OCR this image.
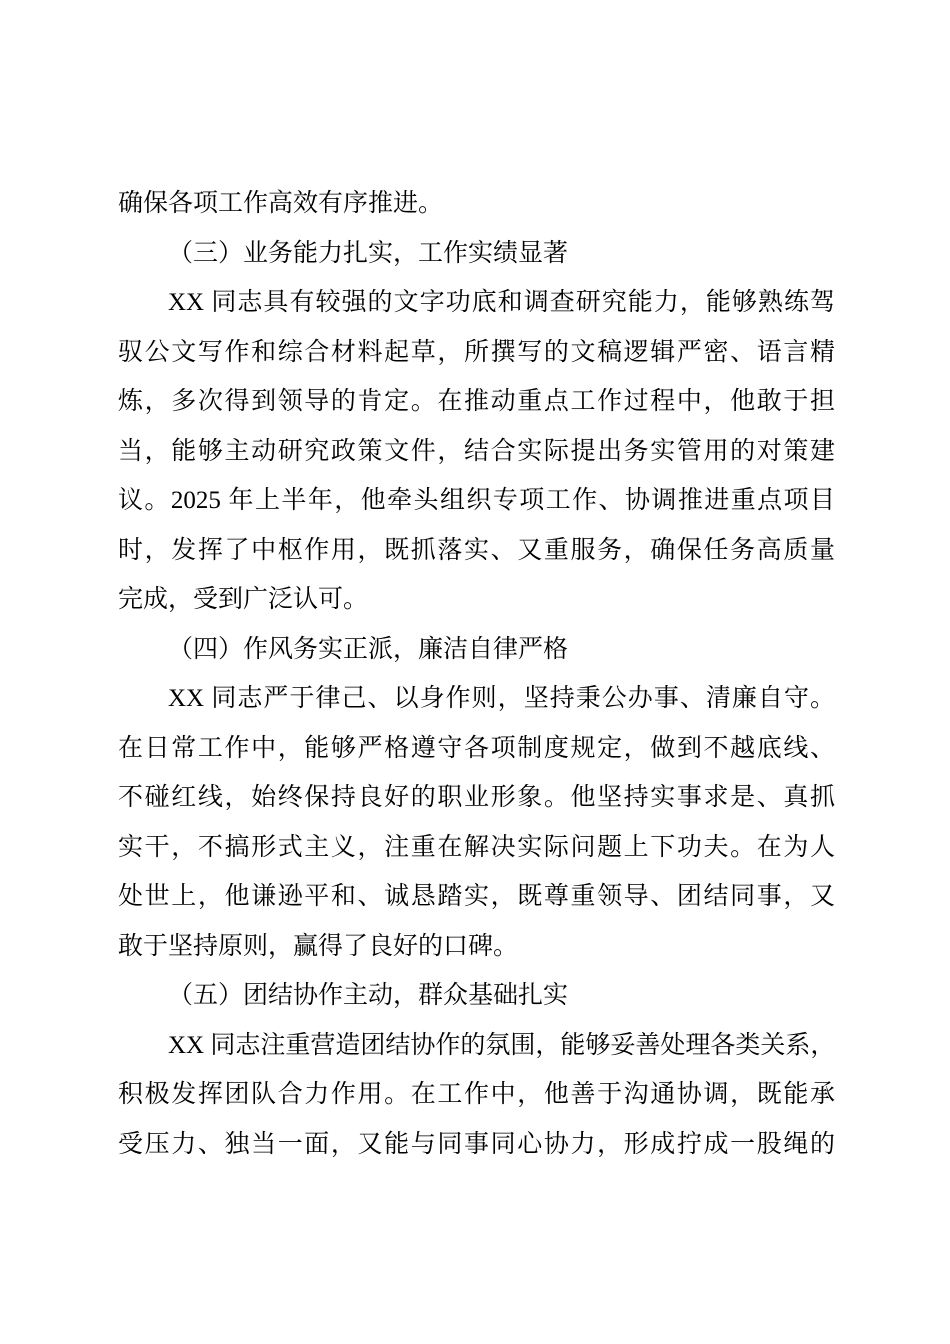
确保各项工作高效有序推进。
（三）业务能力扎实，工作实绩显著
XX 同志具有较强的文字功底和调查研究能力，能够熟练驾
驭公文写作和综合材料起草，所撰写的文稿逻辑严密、语言精
炼，多次得到领导的肯定。在推动重点工作过程中，他敢于担
当，能够主动研究政策文件，结合实际提出务实管用的对策建
议。2025 年上半年，他牵头组织专项工作、协调推进重点项目
时，发挥了中枢作用，既抓落实、又重服务，确保任务高质量
完成，受到广泛认可。
（四）作风务实正派，廉洁自律严格
XX 同志严于律己、以身作则，坚持秉公办事、清廉自守。
在日常工作中，能够严格遵守各项制度规定，做到不越底线、
不碰红线，始终保持良好的职业形象。他坚持实事求是、真抓
实干，不搞形式主义，注重在解决实际问题上下功夫。在为人
处世上，他谦逊平和、诚恳踏实，既尊重领导、团结同事，又
敢于坚持原则，赢得了良好的口碑。
（五）团结协作主动，群众基础扎实
XX 同志注重营造团结协作的氛围，能够妥善处理各类关系，
积极发挥团队合力作用。在工作中，他善于沟通协调，既能承
受压力、独当一面，又能与同事同心协力，形成拧成一股绳的
